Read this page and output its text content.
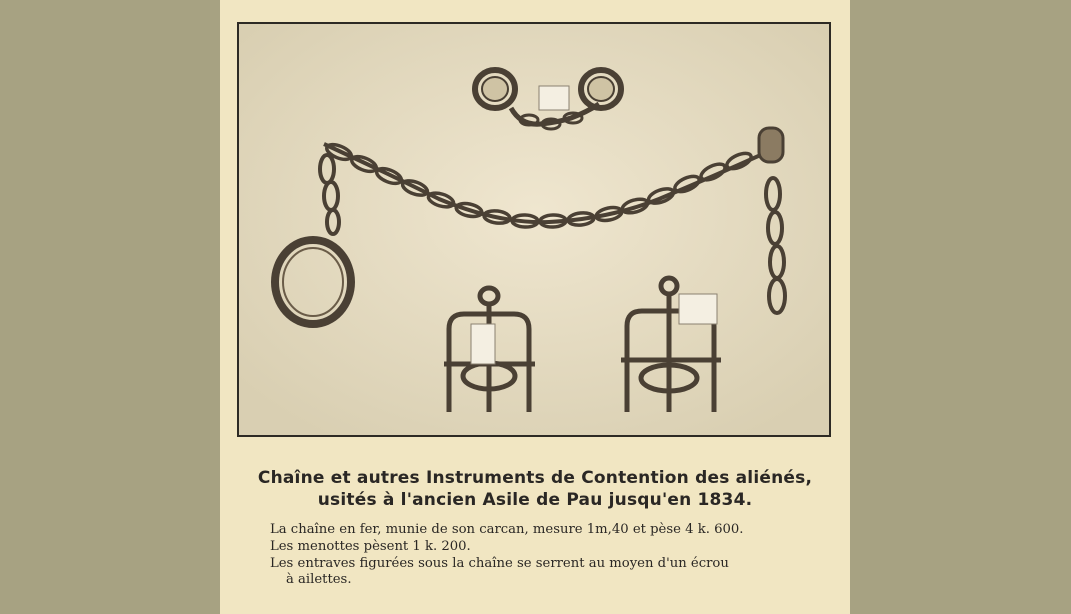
Chaîne et autres Instruments de Contention des aliénés,
usités à l'ancien Asile de Pau jusqu'en 1834.
La chaîne en fer, munie de son carcan, mesure 1m,40 et pèse 4 k. 600.
Les menottes pèsent 1 k. 200.
Les entraves figurées sous la chaîne se serrent au moyen d'un écrou
à ailettes.
